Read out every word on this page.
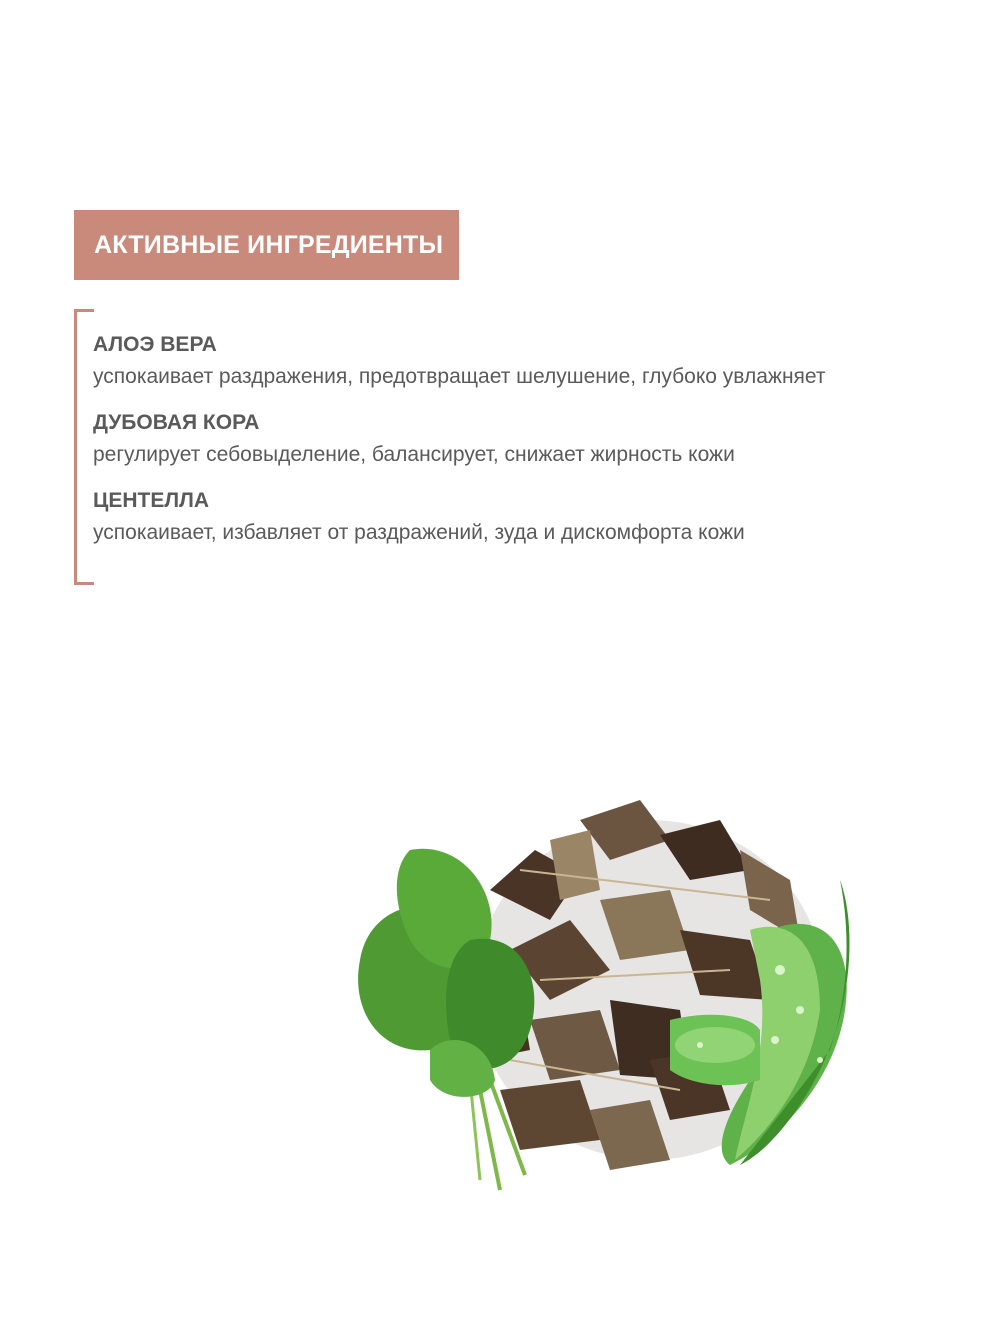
АКТИВНЫЕ ИНГРЕДИЕНТЫ
АЛОЭ ВЕРА
успокаивает раздражения, предотвращает шелушение, глубоко увлажняет
ДУБОВАЯ КОРА
регулирует себовыделение, балансирует, снижает жирность кожи
ЦЕНТЕЛЛА
успокаивает, избавляет от раздражений, зуда и дискомфорта кожи
